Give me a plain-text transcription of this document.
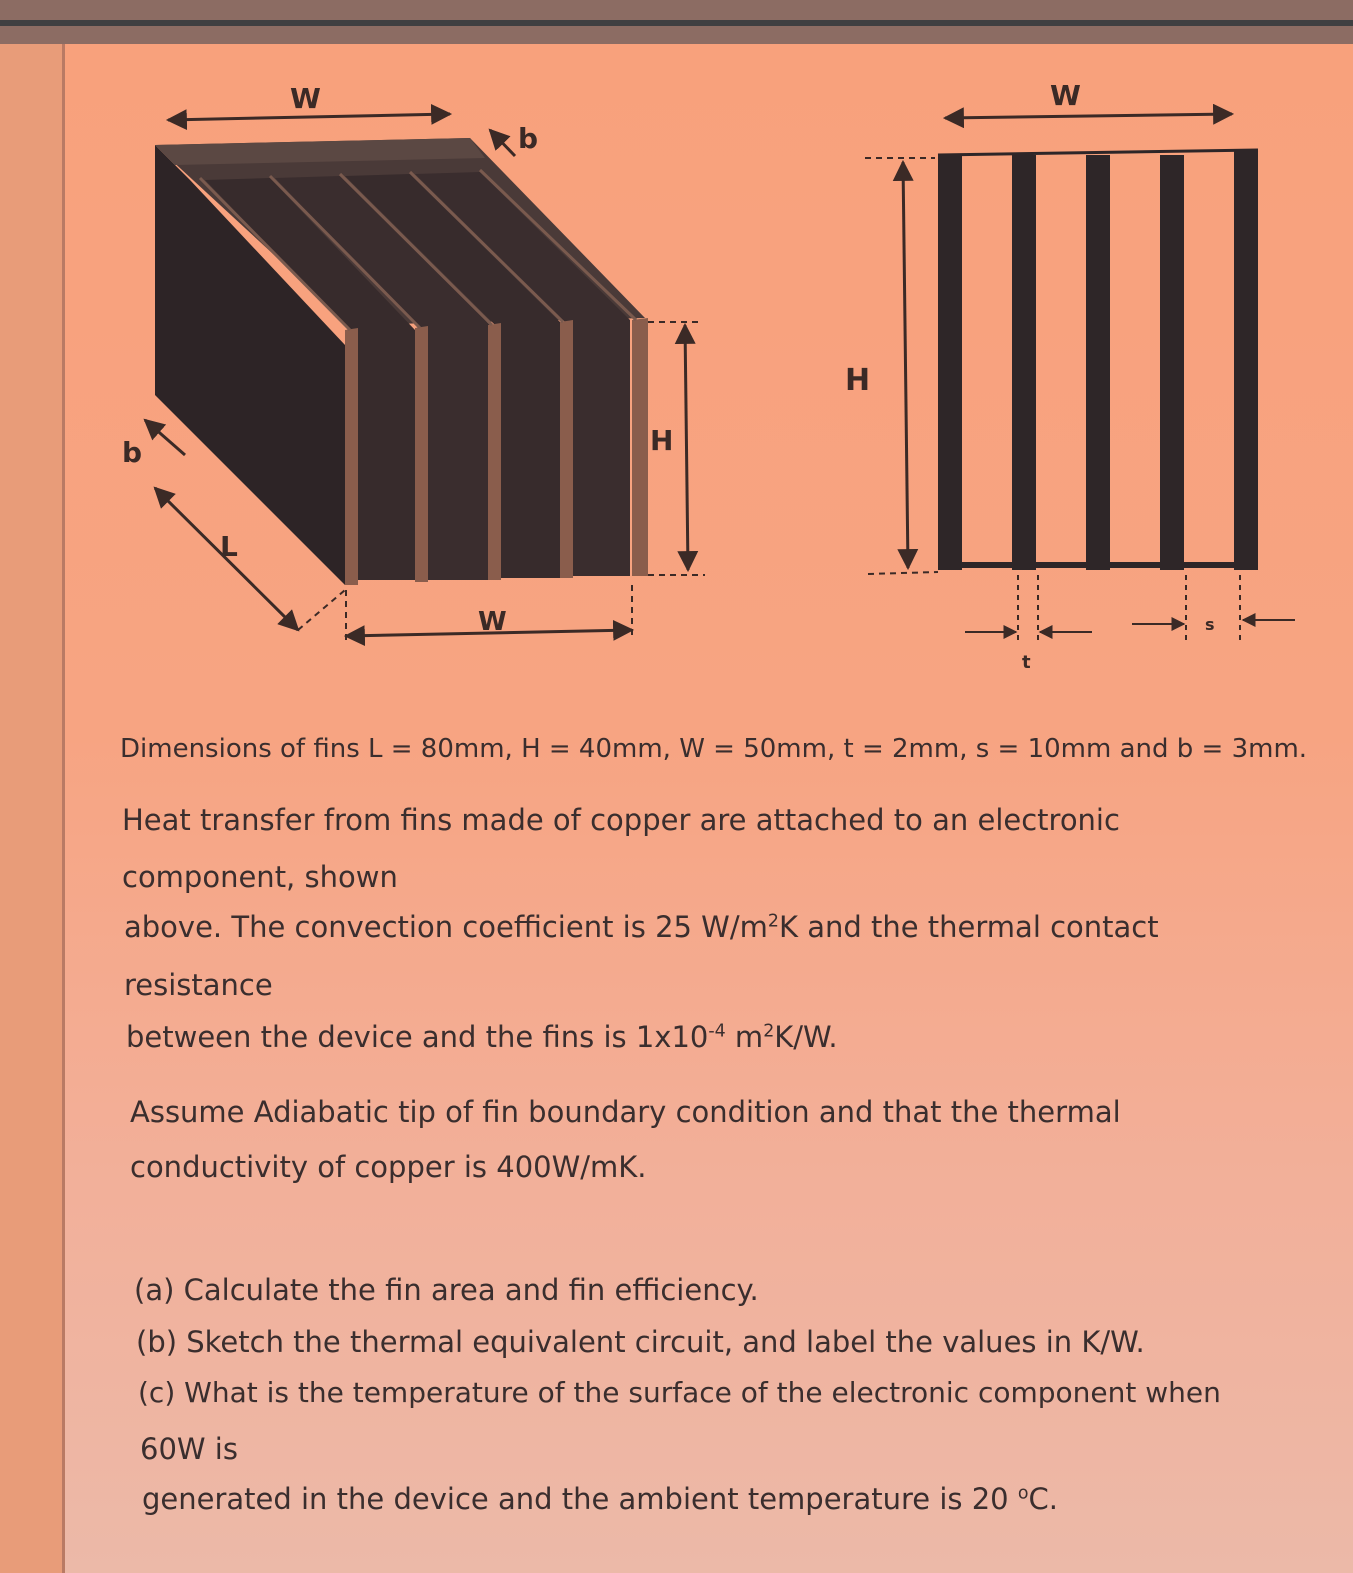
W
b
b
L
H
W
W
H
t
s
Dimensions of fins L = 80mm, H = 40mm, W = 50mm, t = 2mm, s = 10mm and b = 3mm.
Heat transfer from fins made of copper are attached to an electronic
component, shown
above. The convection coefficient is 25 $W/m^2K$ and the thermal contact
resistance
between the device and the fins is $1x10^{-4}$ $m^2K/W$.
Assume Adiabatic tip of fin boundary condition and that the thermal
conductivity of copper is 400W/mK.
(a) Calculate the fin area and fin efficiency.
(b) Sketch the thermal equivalent circuit, and label the values in K/W.
(c) What is the temperature of the surface of the electronic component when
60W is
generated in the device and the ambient temperature is 20 $^o$C.
